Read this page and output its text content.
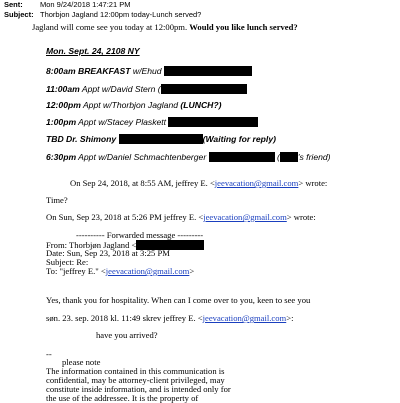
Sent: Mon 9/24/2018 1:47:21 PM
Subject: Thorbjon Jagland 12:00pm today-Lunch served?
Jagland will come see you today at 12:00pm. Would you like lunch served?
Mon. Sept. 24, 2108 NY
8:00am BREAKFAST w/Ehud
11:00am Appt w/David Stern (
12:00pm Appt w/Thorbjon Jagland (LUNCH?)
1:00pm Appt w/Stacey Plaskett
TBD Dr. Shimony	(Waiting for reply)
6:30pm Appt w/Daniel Schmachtenberger	( 's friend)
On Sep 24, 2018, at 8:55 AM, jeffrey E. <jeevacation@gmail.com> wrote:
Time?
On Sun, Sep 23, 2018 at 5:26 PM jeffrey E. <jeevacation@gmail.com> wrote:
---------- Forwarded message ---------
From: Thorbjøn Jagland <
Date: Sun, Sep 23, 2018 at 3:25 PM
Subject: Re:
To: "jeffrey E." <jeevacation@gmail.com>
Yes, thank you for hospitality. When can I come over to you, keen to see you
søn. 23. sep. 2018 kl. 11:49 skrev jeffrey E. <jeevacation@gmail.com>:
have you arrived?
--
please note
The information contained in this communication is
confidential, may be attorney-client privileged, may
constitute inside information, and is intended only for
the use of the addressee. It is the property of
